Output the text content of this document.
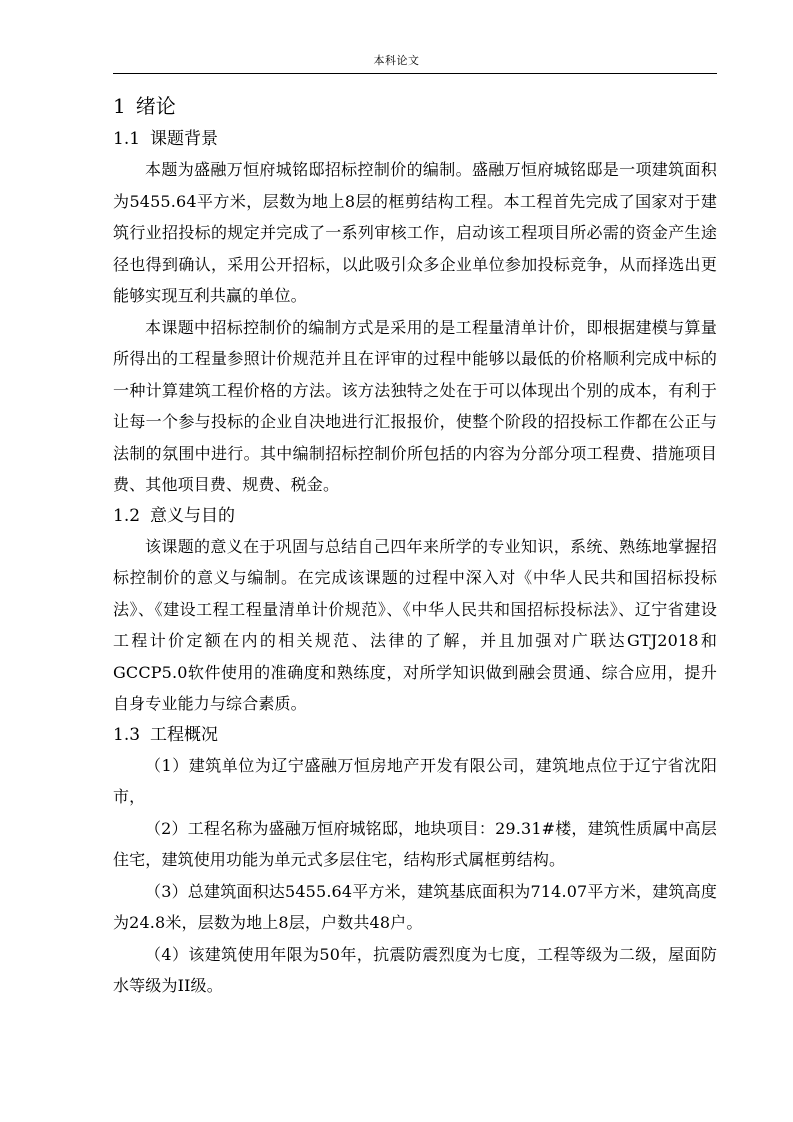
本科论文
1 绪论
1.1 课题背景

本题为盛融万恒府城铭邸招标控制价的编制。盛融万恒府城铭邸是一项建筑面积为5455.64平方米，层数为地上8层的框剪结构工程。本工程首先完成了国家对于建筑行业招投标的规定并完成了一系列审核工作，启动该工程项目所必需的资金产生途径也得到确认，采用公开招标，以此吸引众多企业单位参加投标竞争，从而择选出更能够实现互利共赢的单位。

本课题中招标控制价的编制方式是采用的是工程量清单计价，即根据建模与算量所得出的工程量参照计价规范并且在评审的过程中能够以最低的价格顺利完成中标的一种计算建筑工程价格的方法。该方法独特之处在于可以体现出个别的成本，有利于让每一个参与投标的企业自决地进行汇报报价，使整个阶段的招投标工作都在公正与法制的氛围中进行。其中编制招标控制价所包括的内容为分部分项工程费、措施项目费、其他项目费、规费、税金。

1.2 意义与目的

该课题的意义在于巩固与总结自己四年来所学的专业知识，系统、熟练地掌握招标控制价的意义与编制。在完成该课题的过程中深入对《中华人民共和国招标投标法》、《建设工程工程量清单计价规范》、《中华人民共和国招标投标法》、辽宁省建设工程计价定额在内的相关规范、法律的了解，并且加强对广联达GTJ2018和GCCP5.0软件使用的准确度和熟练度，对所学知识做到融会贯通、综合应用，提升自身专业能力与综合素质。

1.3 工程概况

（1）建筑单位为辽宁盛融万恒房地产开发有限公司，建筑地点位于辽宁省沈阳市，

（2）工程名称为盛融万恒府城铭邸，地块项目：29.31#楼，建筑性质属中高层住宅，建筑使用功能为单元式多层住宅，结构形式属框剪结构。

（3）总建筑面积达5455.64平方米，建筑基底面积为714.07平方米，建筑高度为24.8米，层数为地上8层，户数共48户。

（4）该建筑使用年限为50年，抗震防震烈度为七度，工程等级为二级，屋面防水等级为II级。
